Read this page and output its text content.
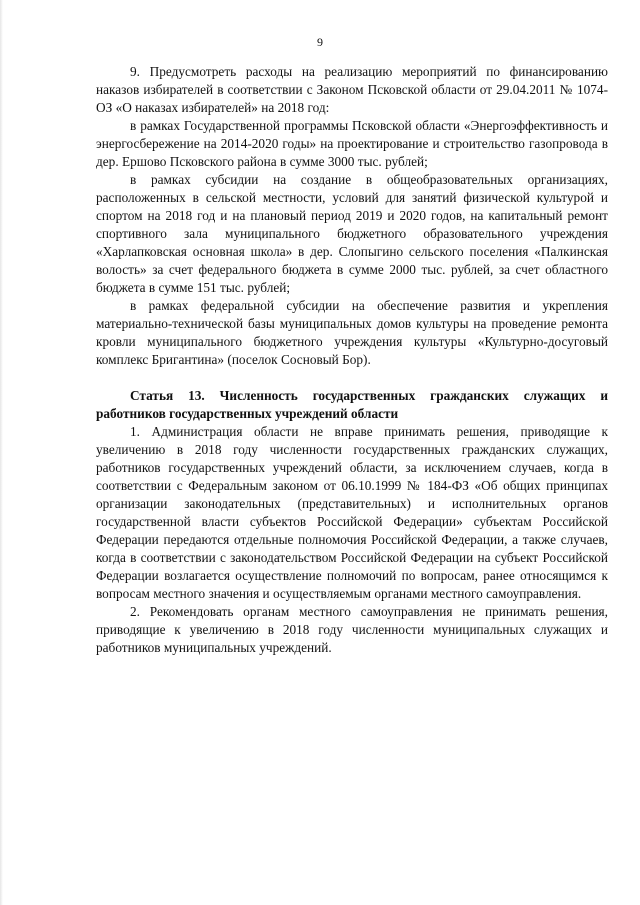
9

9. Предусмотреть расходы на реализацию мероприятий по финансированию наказов избирателей в соответствии с Законом Псковской области от 29.04.2011 № 1074-ОЗ «О наказах избирателей» на 2018 год:

в рамках Государственной программы Псковской области «Энергоэффективность и энергосбережение на 2014-2020 годы» на проектирование и строительство газопровода в дер. Ершово Псковского района в сумме 3000 тыс. рублей;

в рамках субсидии на создание в общеобразовательных организациях, расположенных в сельской местности, условий для занятий физической культурой и спортом на 2018 год и на плановый период 2019 и 2020 годов, на капитальный ремонт спортивного зала муниципального бюджетного образовательного учреждения «Харлапковская основная школа» в дер. Слопыгино сельского поселения «Палкинская волость» за счет федерального бюджета в сумме 2000 тыс. рублей, за счет областного бюджета в сумме 151 тыс. рублей;

в рамках федеральной субсидии на обеспечение развития и укрепления материально-технической базы муниципальных домов культуры на проведение ремонта кровли муниципального бюджетного учреждения культуры «Культурно-досуговый комплекс Бригантина» (поселок Сосновый Бор).

Статья 13. Численность государственных гражданских служащих и работников государственных учреждений области

1. Администрация области не вправе принимать решения, приводящие к увеличению в 2018 году численности государственных гражданских служащих, работников государственных учреждений области, за исключением случаев, когда в соответствии с Федеральным законом от 06.10.1999 № 184-ФЗ «Об общих принципах организации законодательных (представительных) и исполнительных органов государственной власти субъектов Российской Федерации» субъектам Российской Федерации передаются отдельные полномочия Российской Федерации, а также случаев, когда в соответствии с законодательством Российской Федерации на субъект Российской Федерации возлагается осуществление полномочий по вопросам, ранее относящимся к вопросам местного значения и осуществляемым органами местного самоуправления.

2. Рекомендовать органам местного самоуправления не принимать решения, приводящие к увеличению в 2018 году численности муниципальных служащих и работников муниципальных учреждений.
